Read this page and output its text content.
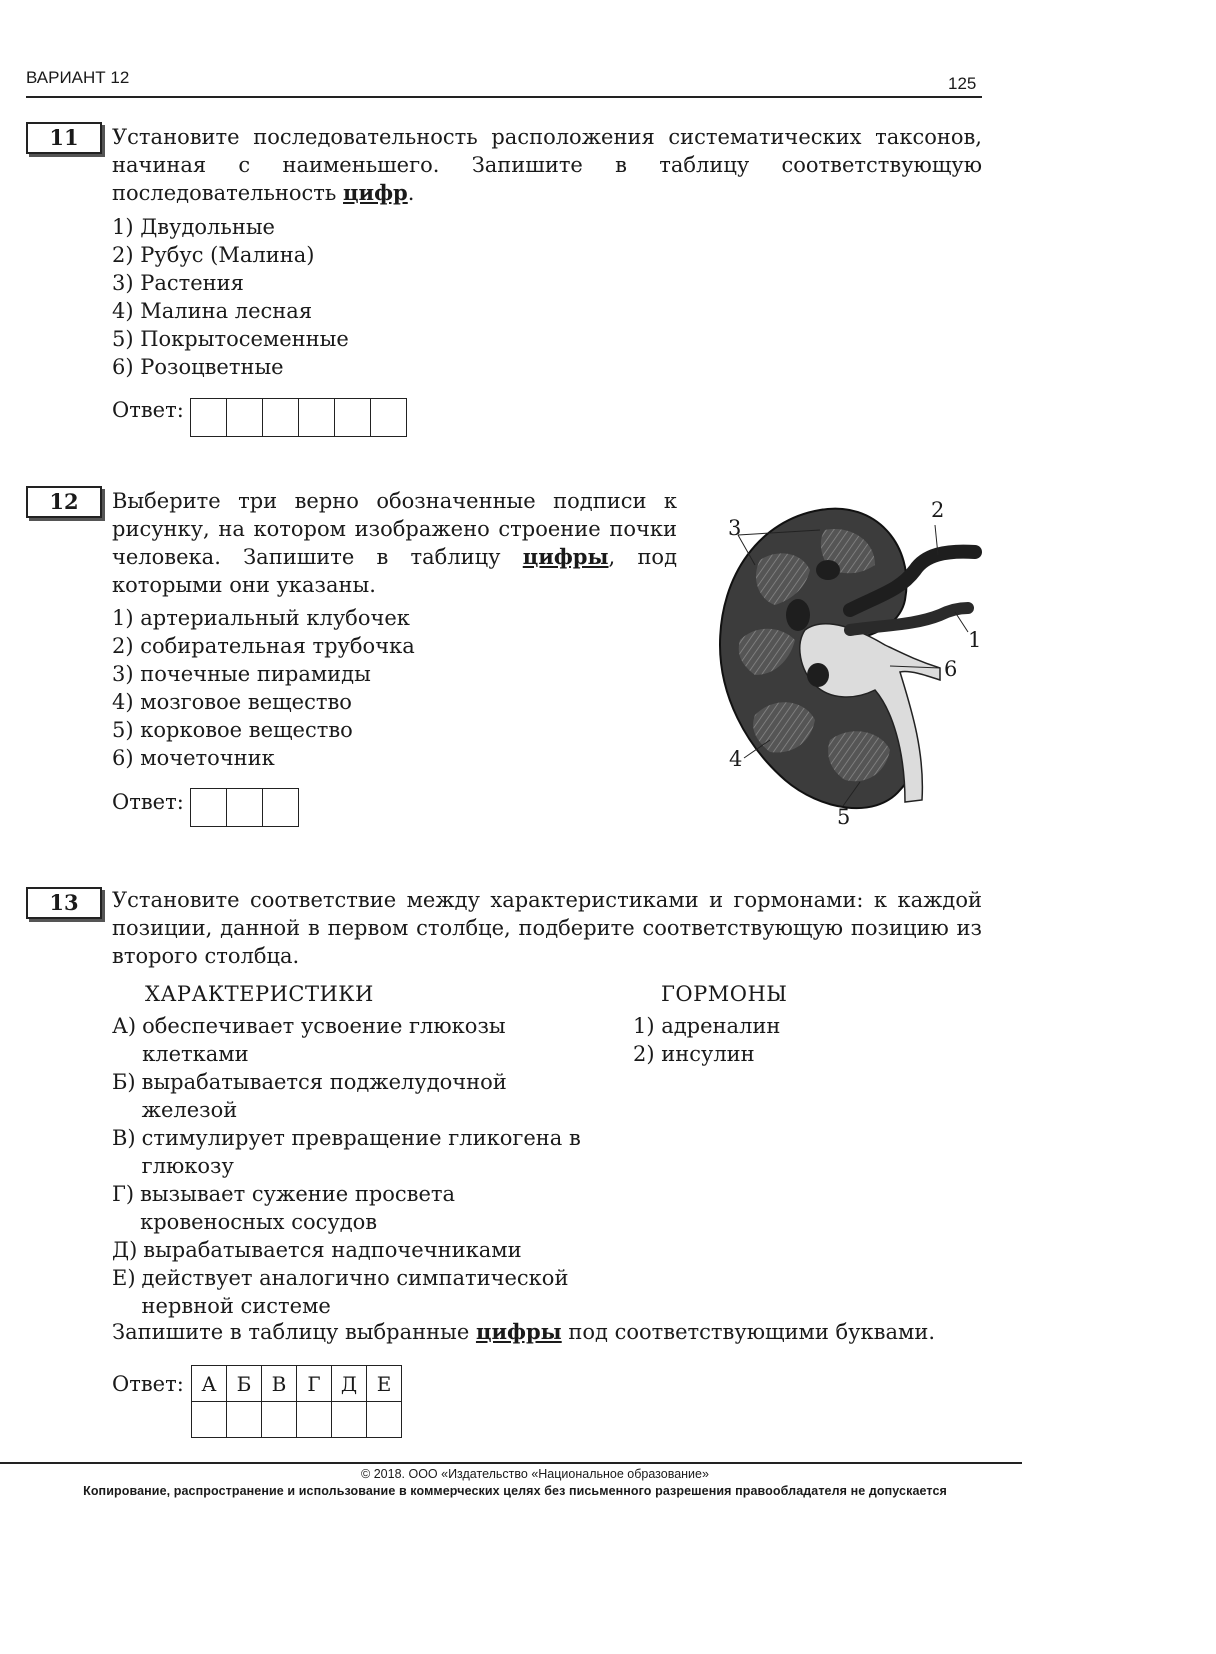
ВАРИАНТ 12	125
11	Установите последовательность расположения систематических таксонов, начиная с наименьшего. Запишите в таблицу соответствующую последовательность цифр.
1) Двудольные
2) Рубус (Малина)
3) Растения
4) Малина лесная
5) Покрытосеменные
6) Розоцветные
Ответ:
12	Выберите три верно обозначенные подписи к рисунку, на котором изображено строение почки человека. Запишите в таблицу цифры, под которыми они указаны.
1) артериальный клубочек
2) собирательная трубочка
3) почечные пирамиды
4) мозговое вещество
5) корковое вещество
6) мочеточник
Ответ:
3
2
1
6
4
5
13	Установите соответствие между характеристиками и гормонами: к каждой позиции, данной в первом столбце, подберите соответствующую позицию из второго столбца.
ХАРАКТЕРИСТИКИ	ГОРМОНЫ
А) обеспечивает усвоение глюкозы клетками
Б) вырабатывается поджелудочной железой
В) стимулирует превращение гликогена в глюкозу
Г) вызывает сужение просвета кровеносных сосудов
Д) вырабатывается надпочечниками
Е) действует аналогично симпатической нервной системе
1) адреналин
2) инсулин
Запишите в таблицу выбранные цифры под соответствующими буквами.
Ответ: А	Б	В	Г	Д	Е

© 2018. ООО «Издательство «Национальное образование»
Копирование, распространение и использование в коммерческих целях без письменного разрешения правообладателя не допускается
